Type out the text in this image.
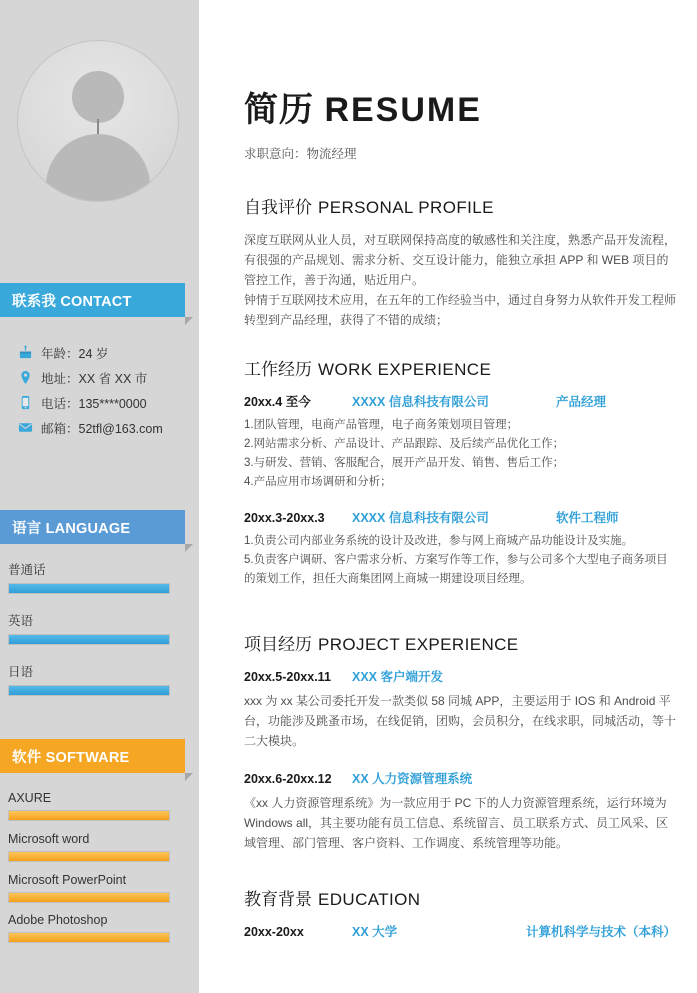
联系我 CONTACT
年龄：24 岁
地址：XX 省 XX 市
电话：135****0000
邮箱：52tfl@163.com
语言 LANGUAGE
普通话
英语
日语
软件 SOFTWARE
AXURE
Microsoft word
Microsoft PowerPoint
Adobe Photoshop
简历 RESUME
求职意向：物流经理
自我评价 PERSONAL PROFILE
深度互联网从业人员，对互联网保持高度的敏感性和关注度，熟悉产品开发流程，有很强的产品规划、需求分析、交互设计能力，能独立承担 APP 和 WEB 项目的管控工作，善于沟通，贴近用户。
钟情于互联网技术应用，在五年的工作经验当中，通过自身努力从软件开发工程师转型到产品经理，获得了不错的成绩；
工作经历 WORK EXPERIENCE
20xx.4 至今	XXXX 信息科技有限公司	产品经理
1.团队管理，电商产品管理，电子商务策划项目管理；
2.网站需求分析、产品设计、产品跟踪、及后续产品优化工作；
3.与研发、营销、客服配合，展开产品开发、销售、售后工作；
4.产品应用市场调研和分析；
20xx.3-20xx.3	XXXX 信息科技有限公司	软件工程师
1.负责公司内部业务系统的设计及改进，参与网上商城产品功能设计及实施。
5.负责客户调研、客户需求分析、方案写作等工作，参与公司多个大型电子商务项目的策划工作，担任大商集团网上商城一期建设项目经理。
项目经历 PROJECT EXPERIENCE
20xx.5-20xx.11 XXX 客户端开发
xxx 为 xx 某公司委托开发一款类似 58 同城 APP，主要运用于 IOS 和 Android 平台，功能涉及跳蚤市场，在线促销，团购，会员积分，在线求职，同城活动，等十二大模块。
20xx.6-20xx.12 XX 人力资源管理系统
《xx 人力资源管理系统》为一款应用于 PC 下的人力资源管理系统，运行环境为 Windows all，其主要功能有员工信息、系统留言、员工联系方式、员工风采、区域管理、部门管理、客户资料、工作调度、系统管理等功能。
教育背景 EDUCATION
20xx-20xx	XX 大学	计算机科学与技术（本科）
